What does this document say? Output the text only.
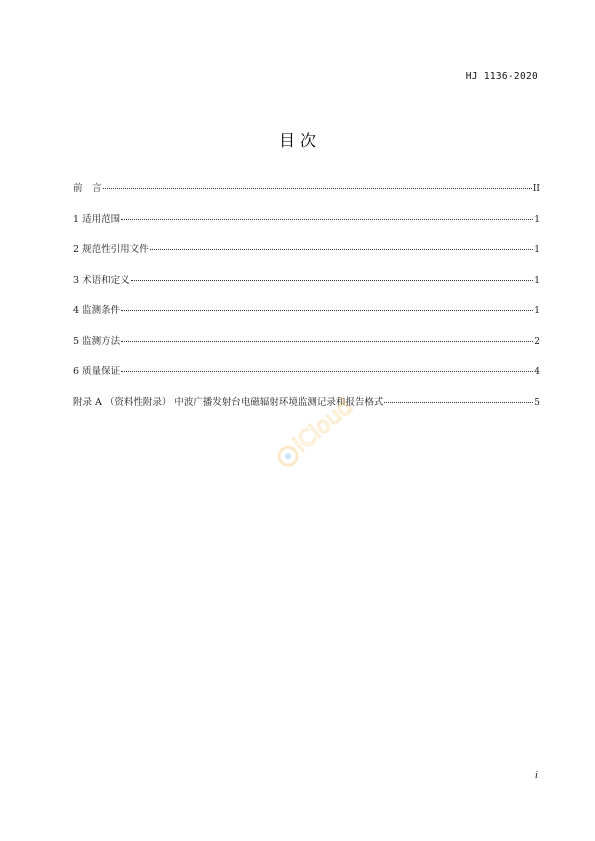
HJ 1136-2020
目 次
前　言	II
1 适用范围	1
2 规范性引用文件	1
3 术语和定义	1
4 监测条件	1
5 监测方法	2
6 质量保证	4
附录 A （资料性附录） 中波广播发射台电磁辐射环境监测记录和报告格式	5
iCloud
i
